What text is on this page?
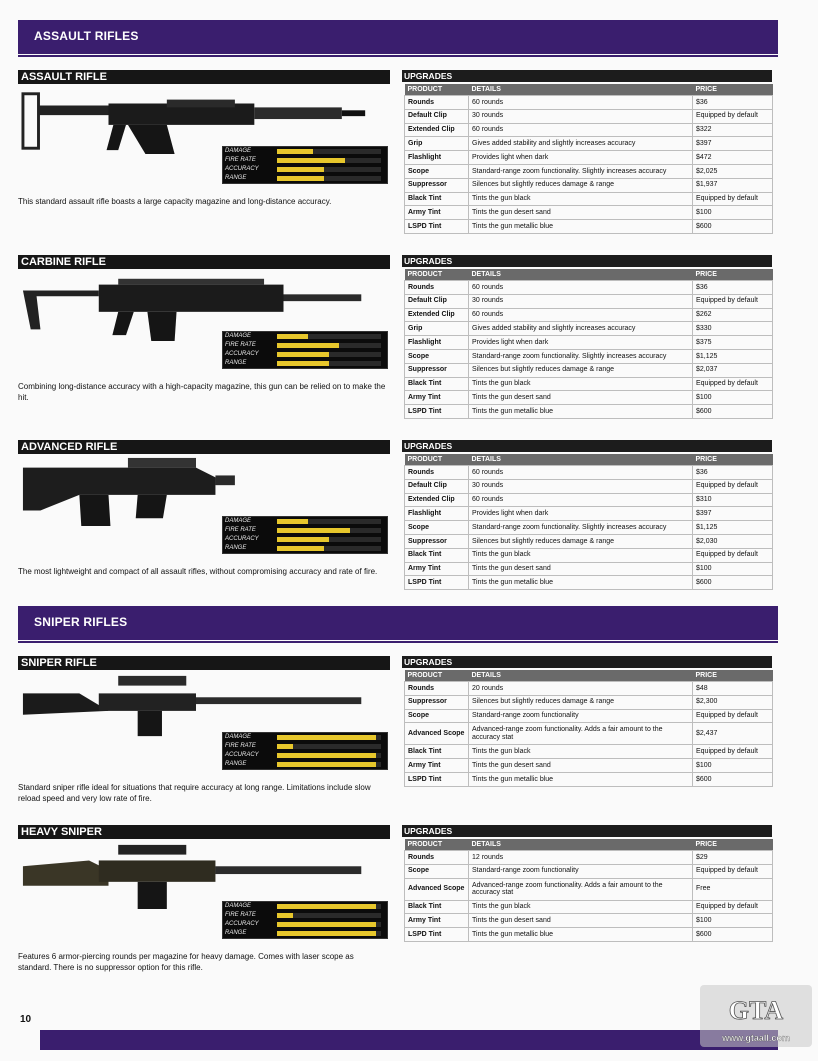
ASSAULT RIFLES
SNIPER RIFLES
ASSAULT RIFLE
DAMAGE
FIRE RATE
ACCURACY
RANGE
This standard assault rifle boasts a large capacity magazine and long-distance accuracy.
UPGRADES
PRODUCT	DETAILS	PRICE
Rounds	60 rounds	$36
Default Clip	30 rounds	Equipped by default
Extended Clip	60 rounds	$322
Grip	Gives added stability and slightly increases accuracy	$397
Flashlight	Provides light when dark	$472
Scope	Standard-range zoom functionality. Slightly increases accuracy	$2,025
Suppressor	Silences but slightly reduces damage & range	$1,937
Black Tint	Tints the gun black	Equipped by default
Army Tint	Tints the gun desert sand	$100
LSPD Tint	Tints the gun metallic blue	$600
CARBINE RIFLE
DAMAGE
FIRE RATE
ACCURACY
RANGE
Combining long-distance accuracy with a high-capacity magazine, this gun can be relied on to make the hit.
UPGRADES
PRODUCT	DETAILS	PRICE
Rounds	60 rounds	$36
Default Clip	30 rounds	Equipped by default
Extended Clip	60 rounds	$262
Grip	Gives added stability and slightly increases accuracy	$330
Flashlight	Provides light when dark	$375
Scope	Standard-range zoom functionality. Slightly increases accuracy	$1,125
Suppressor	Silences but slightly reduces damage & range	$2,037
Black Tint	Tints the gun black	Equipped by default
Army Tint	Tints the gun desert sand	$100
LSPD Tint	Tints the gun metallic blue	$600
ADVANCED RIFLE
DAMAGE
FIRE RATE
ACCURACY
RANGE
The most lightweight and compact of all assault rifles, without compromising accuracy and rate of fire.
UPGRADES
PRODUCT	DETAILS	PRICE
Rounds	60 rounds	$36
Default Clip	30 rounds	Equipped by default
Extended Clip	60 rounds	$310
Flashlight	Provides light when dark	$397
Scope	Standard-range zoom functionality. Slightly increases accuracy	$1,125
Suppressor	Silences but slightly reduces damage & range	$2,030
Black Tint	Tints the gun black	Equipped by default
Army Tint	Tints the gun desert sand	$100
LSPD Tint	Tints the gun metallic blue	$600
SNIPER RIFLE
DAMAGE
FIRE RATE
ACCURACY
RANGE
Standard sniper rifle ideal for situations that require accuracy at long range. Limitations include slow reload speed and very low rate of fire.
UPGRADES
PRODUCT	DETAILS	PRICE
Rounds	20 rounds	$48
Suppressor	Silences but slightly reduces damage & range	$2,300
Scope	Standard-range zoom functionality	Equipped by default
Advanced Scope	Advanced-range zoom functionality. Adds a fair amount to the accuracy stat	$2,437
Black Tint	Tints the gun black	Equipped by default
Army Tint	Tints the gun desert sand	$100
LSPD Tint	Tints the gun metallic blue	$600
HEAVY SNIPER
DAMAGE
FIRE RATE
ACCURACY
RANGE
Features 6 armor-piercing rounds per magazine for heavy damage. Comes with laser scope as standard. There is no suppressor option for this rifle.
UPGRADES
PRODUCT	DETAILS	PRICE
Rounds	12 rounds	$29
Scope	Standard-range zoom functionality	Equipped by default
Advanced Scope	Advanced-range zoom functionality. Adds a fair amount to the accuracy stat	Free
Black Tint	Tints the gun black	Equipped by default
Army Tint	Tints the gun desert sand	$100
LSPD Tint	Tints the gun metallic blue	$600
10	GTA
www.gtaall.com
